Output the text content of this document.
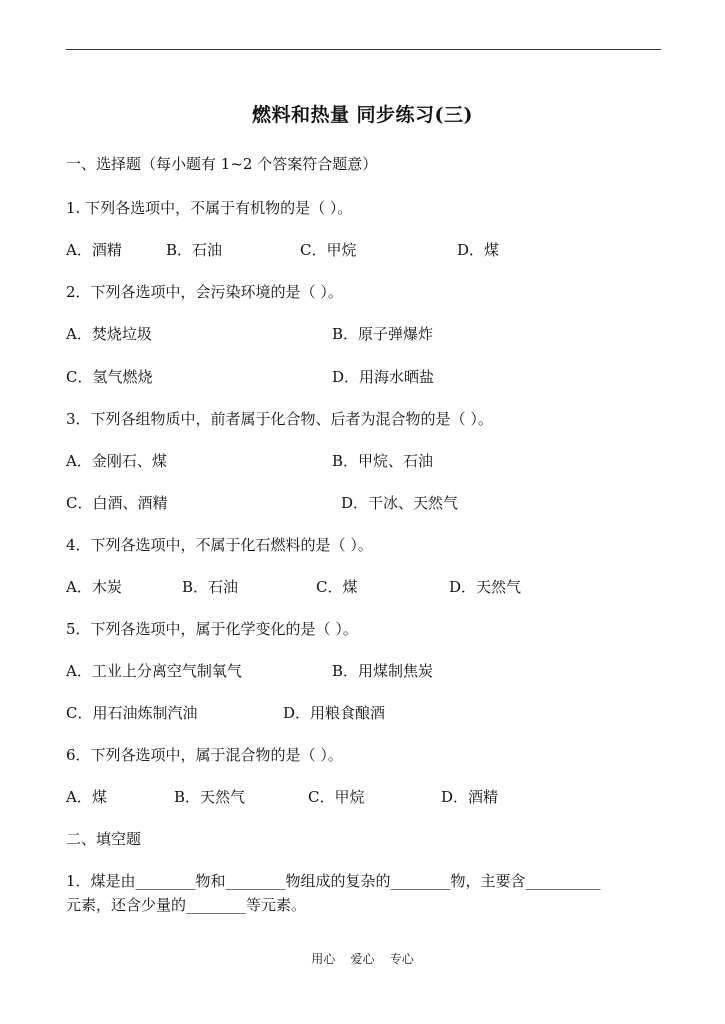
燃料和热量 同步练习(三)
一、选择题（每小题有 1~2 个答案符合题意）
1. 下列各选项中，不属于有机物的是（ ）。
A．酒精	B．石油	C．甲烷	D．煤
2．下列各选项中，会污染环境的是（ ）。
A．焚烧垃圾	B．原子弹爆炸
C．氢气燃烧	D．用海水晒盐
3．下列各组物质中，前者属于化合物、后者为混合物的是（ ）。
A．金刚石、煤	B．甲烷、石油
C．白酒、酒精	D．干冰、天然气
4．下列各选项中，不属于化石燃料的是（ ）。
A．木炭	B．石油	C．煤	D．天然气
5．下列各选项中，属于化学变化的是（ ）。
A．工业上分离空气制氧气	B．用煤制焦炭
C．用石油炼制汽油	D．用粮食酿酒
6．下列各选项中，属于混合物的是（ ）。
A．煤	B．天然气	C．甲烷	D．酒精
二、填空题
1．煤是由________物和________物组成的复杂的________物，主要含__________
元素，还含少量的________等元素。
用心    爱心    专心
